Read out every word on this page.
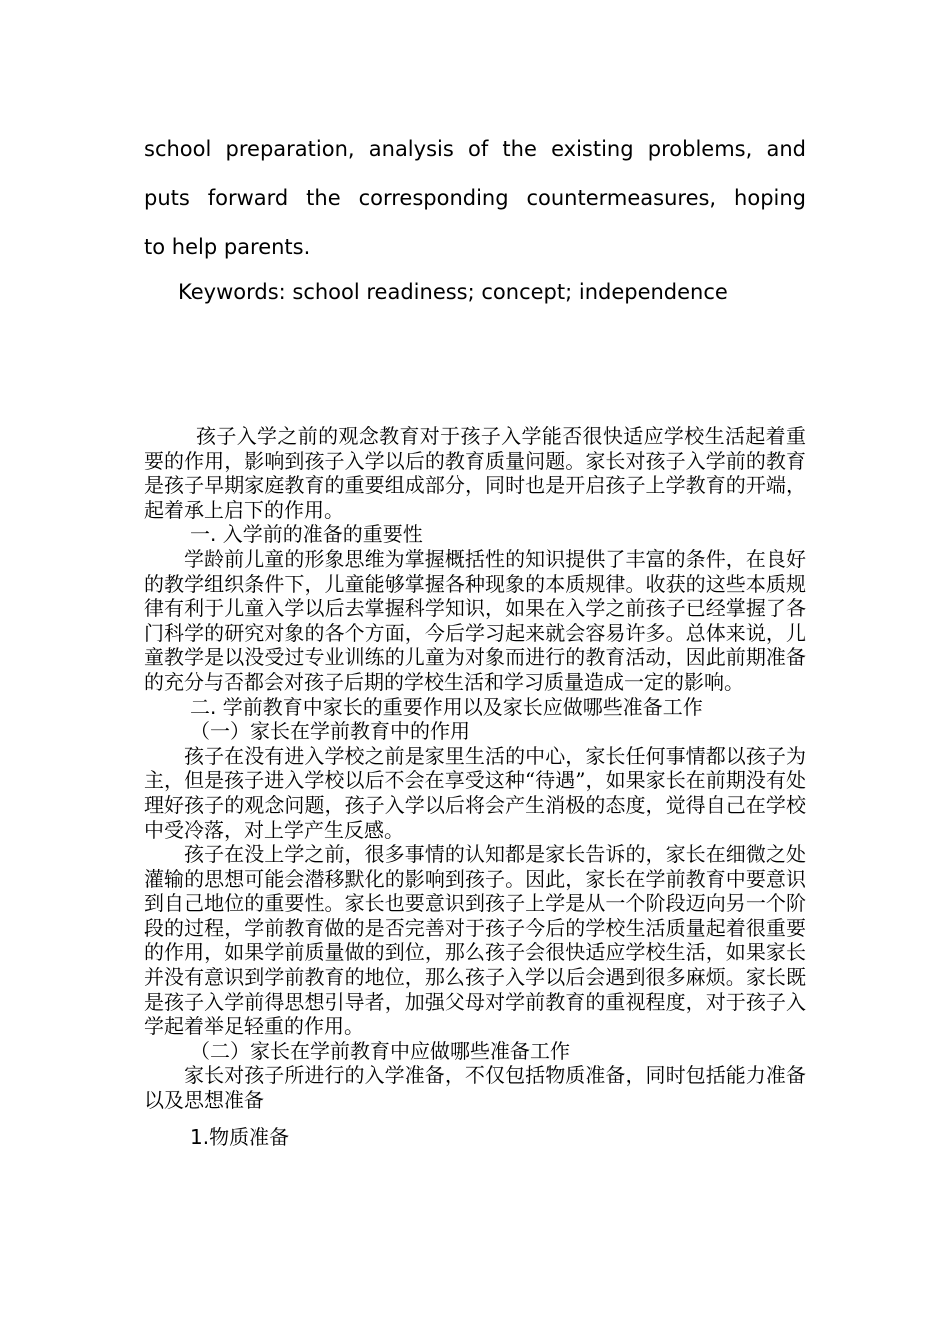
school preparation, analysis of the existing problems, and

puts forward the corresponding countermeasures, hoping

to help parents.

Keywords: school readiness; concept; independence

孩子入学之前的观念教育对于孩子入学能否很快适应学校生活起着重要的作用，影响到孩子入学以后的教育质量问题。家长对孩子入学前的教育是孩子早期家庭教育的重要组成部分，同时也是开启孩子上学教育的开端，起着承上启下的作用。

一. 入学前的准备的重要性

学龄前儿童的形象思维为掌握概括性的知识提供了丰富的条件，在良好的教学组织条件下，儿童能够掌握各种现象的本质规律。收获的这些本质规律有利于儿童入学以后去掌握科学知识，如果在入学之前孩子已经掌握了各门科学的研究对象的各个方面，今后学习起来就会容易许多。总体来说，儿童教学是以没受过专业训练的儿童为对象而进行的教育活动，因此前期准备的充分与否都会对孩子后期的学校生活和学习质量造成一定的影响。

二. 学前教育中家长的重要作用以及家长应做哪些准备工作
（一）家长在学前教育中的作用

孩子在没有进入学校之前是家里生活的中心，家长任何事情都以孩子为主，但是孩子进入学校以后不会在享受这种“待遇”，如果家长在前期没有处理好孩子的观念问题，孩子入学以后将会产生消极的态度，觉得自己在学校中受冷落，对上学产生反感。

孩子在没上学之前，很多事情的认知都是家长告诉的，家长在细微之处灌输的思想可能会潜移默化的影响到孩子。因此，家长在学前教育中要意识到自己地位的重要性。家长也要意识到孩子上学是从一个阶段迈向另一个阶段的过程，学前教育做的是否完善对于孩子今后的学校生活质量起着很重要的作用，如果学前质量做的到位，那么孩子会很快适应学校生活，如果家长并没有意识到学前教育的地位，那么孩子入学以后会遇到很多麻烦。家长既是孩子入学前得思想引导者，加强父母对学前教育的重视程度，对于孩子入学起着举足轻重的作用。

（二）家长在学前教育中应做哪些准备工作

家长对孩子所进行的入学准备，不仅包括物质准备，同时包括能力准备以及思想准备

1.物质准备
